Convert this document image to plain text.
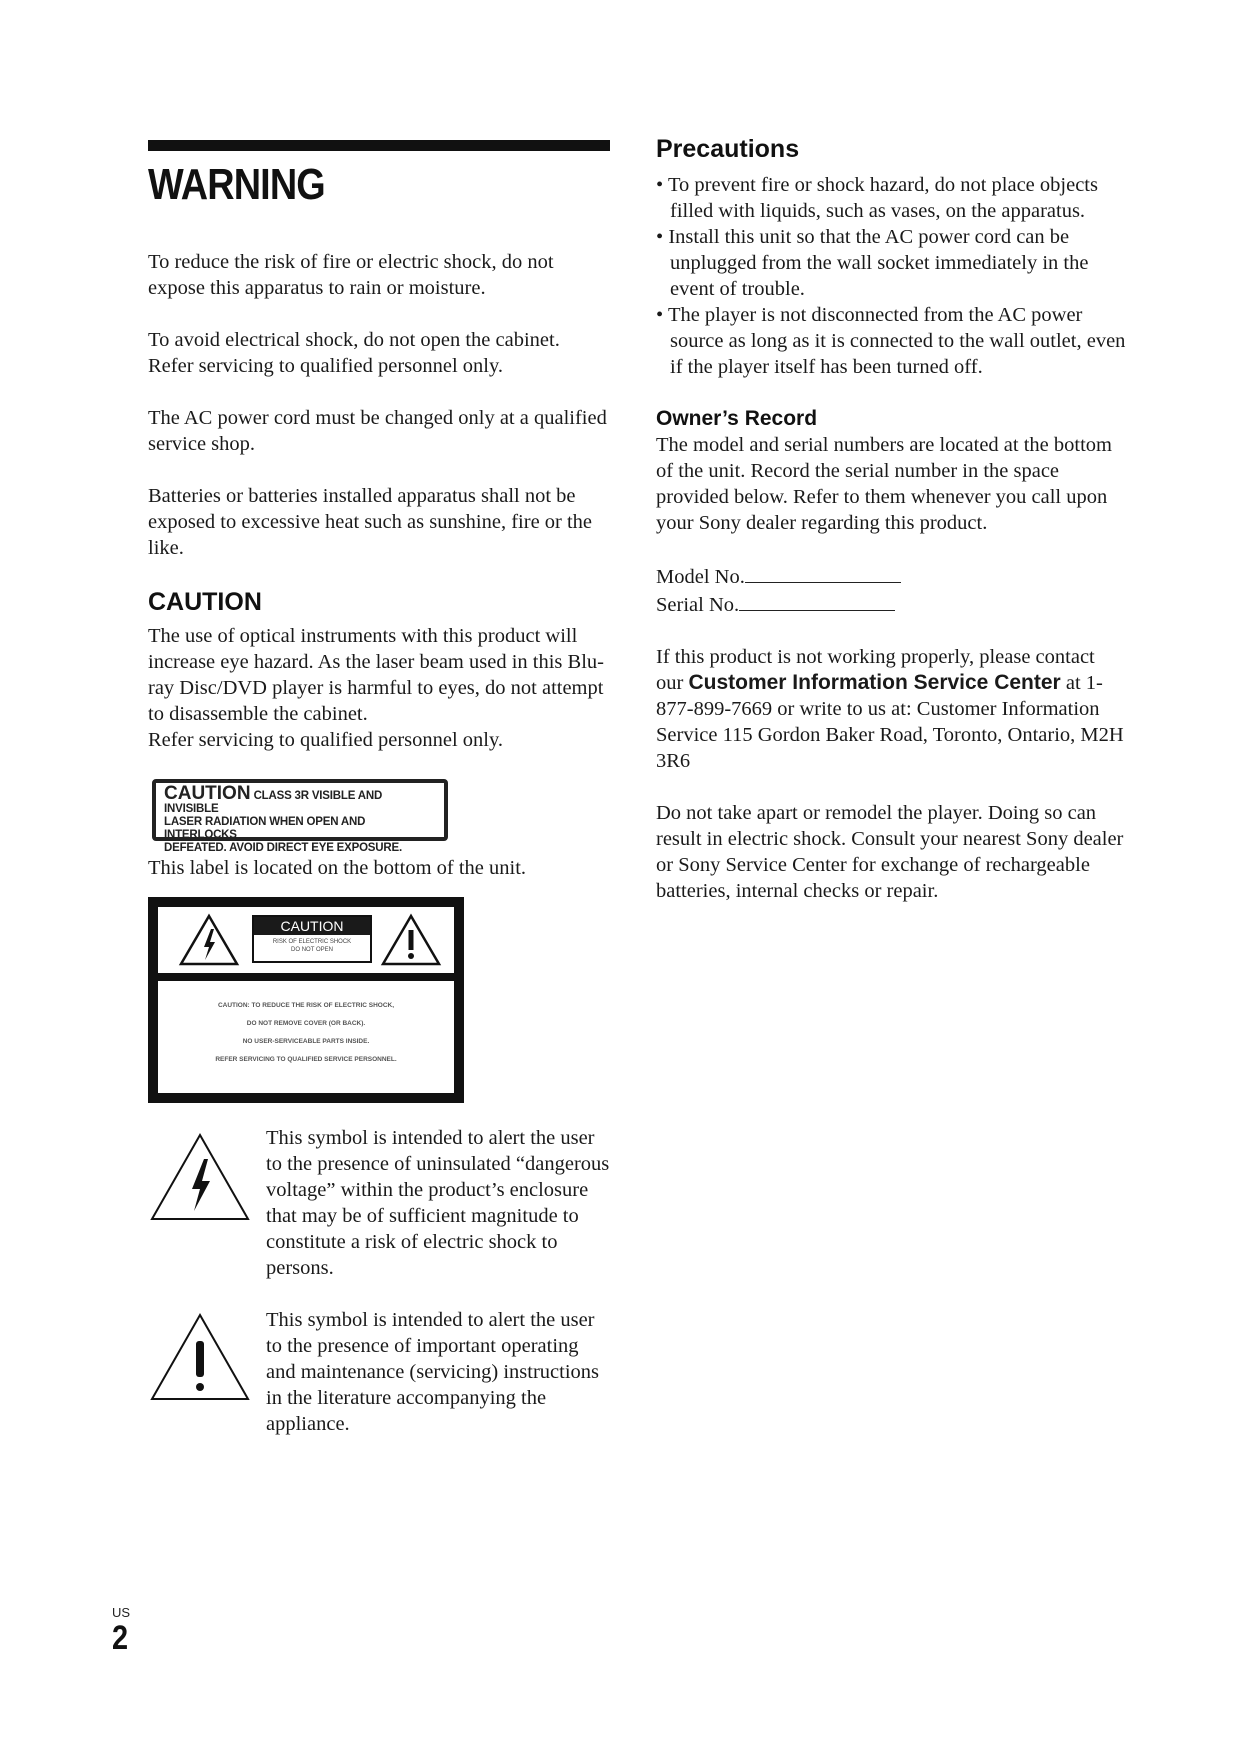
WARNING

To reduce the risk of fire or electric shock, do not expose this apparatus to rain or moisture.

To avoid electrical shock, do not open the cabinet. Refer servicing to qualified personnel only.

The AC power cord must be changed only at a qualified service shop.

Batteries or batteries installed apparatus shall not be exposed to excessive heat such as sunshine, fire or the like.

CAUTION
The use of optical instruments with this product will increase eye hazard. As the laser beam used in this Blu-ray Disc/DVD player is harmful to eyes, do not attempt to disassemble the cabinet.
Refer servicing to qualified personnel only.
CAUTION CLASS 3R VISIBLE AND INVISIBLE
LASER RADIATION WHEN OPEN AND INTERLOCKS
DEFEATED. AVOID DIRECT EYE EXPOSURE.
This label is located on the bottom of the unit.
CAUTION
RISK OF ELECTRIC SHOCK
DO NOT OPEN
CAUTION: TO REDUCE THE RISK OF ELECTRIC SHOCK,
DO NOT REMOVE COVER (OR BACK).
NO USER-SERVICEABLE PARTS INSIDE.
REFER SERVICING TO QUALIFIED SERVICE PERSONNEL.
This symbol is intended to alert the user to the presence of uninsulated “dangerous voltage” within the product’s enclosure that may be of sufficient magnitude to constitute a risk of electric shock to persons.
This symbol is intended to alert the user to the presence of important operating and maintenance (servicing) instructions in the literature accompanying the appliance.
Precautions
• To prevent fire or shock hazard, do not place objects filled with liquids, such as vases, on the apparatus.
• Install this unit so that the AC power cord can be unplugged from the wall socket immediately in the event of trouble.
• The player is not disconnected from the AC power source as long as it is connected to the wall outlet, even if the player itself has been turned off.
Owner’s Record

The model and serial numbers are located at the bottom of the unit. Record the serial number in the space provided below. Refer to them whenever you call upon your Sony dealer regarding this product.

Model No.
Serial No.

If this product is not working properly, please contact our Customer Information Service Center at 1-877-899-7669 or write to us at: Customer Information Service 115 Gordon Baker Road, Toronto, Ontario, M2H 3R6

Do not take apart or remodel the player. Doing so can result in electric shock. Consult your nearest Sony dealer or Sony Service Center for exchange of rechargeable batteries, internal checks or repair.

US
2
